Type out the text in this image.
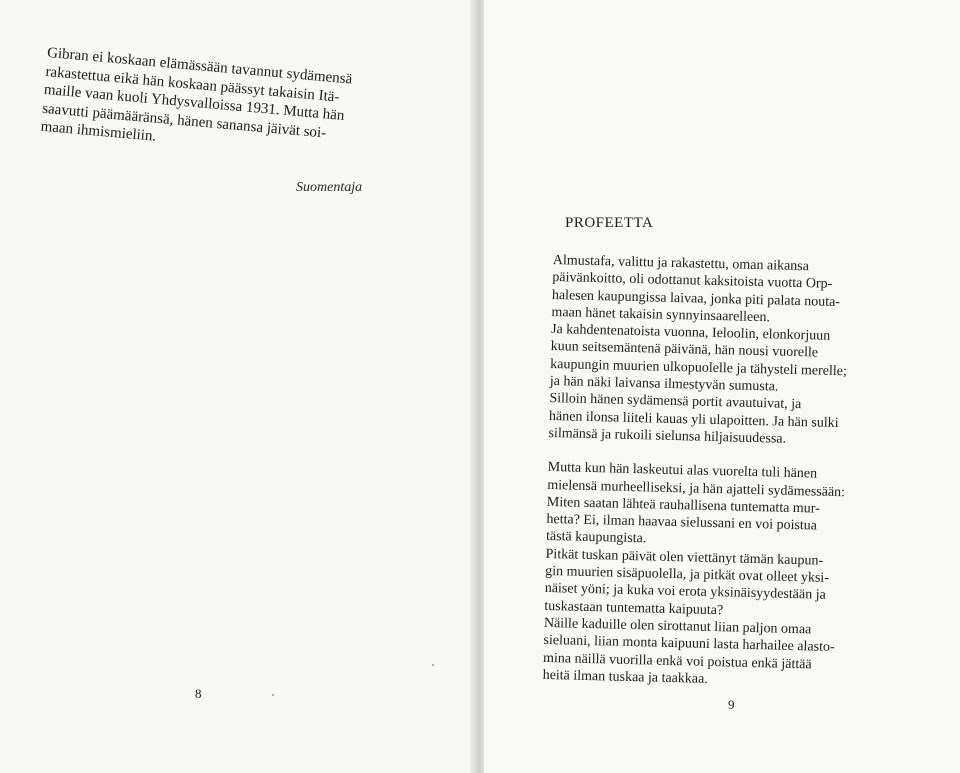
Gibran ei koskaan elämässään tavannut sydämensä
rakastettua eikä hän koskaan päässyt takaisin Itä-
maille vaan kuoli Yhdysvalloissa 1931. Mutta hän
saavutti päämääränsä, hänen sanansa jäivät soi-
maan ihmismieliin.

Suomentaja
8
PROFEETTA

Almustafa, valittu ja rakastettu, oman aikansa
päivänkoitto, oli odottanut kaksitoista vuotta Orp-
halesen kaupungissa laivaa, jonka piti palata nouta-
maan hänet takaisin synnyinsaarelleen.

Ja kahdentenatoista vuonna, Ieloolin, elonkorjuun
kuun seitsemäntenä päivänä, hän nousi vuorelle
kaupungin muurien ulkopuolelle ja tähysteli merelle;
ja hän näki laivansa ilmestyvän sumusta.

Silloin hänen sydämensä portit avautuivat, ja
hänen ilonsa liiteli kauas yli ulapoitten. Ja hän sulki
silmänsä ja rukoili sielunsa hiljaisuudessa.

Mutta kun hän laskeutui alas vuorelta tuli hänen
mielensä murheelliseksi, ja hän ajatteli sydämessään:

Miten saatan lähteä rauhallisena tuntematta mur-
hetta? Ei, ilman haavaa sielussani en voi poistua
tästä kaupungista.

Pitkät tuskan päivät olen viettänyt tämän kaupun-
gin muurien sisäpuolella, ja pitkät ovat olleet yksi-
näiset yöni; ja kuka voi erota yksinäisyydestään ja
tuskastaan tuntematta kaipuuta?

Näille kaduille olen sirottanut liian paljon omaa
sieluani, liian monta kaipuuni lasta harhailee alasto-
mina näillä vuorilla enkä voi poistua enkä jättää
heitä ilman tuskaa ja taakkaa.

9
